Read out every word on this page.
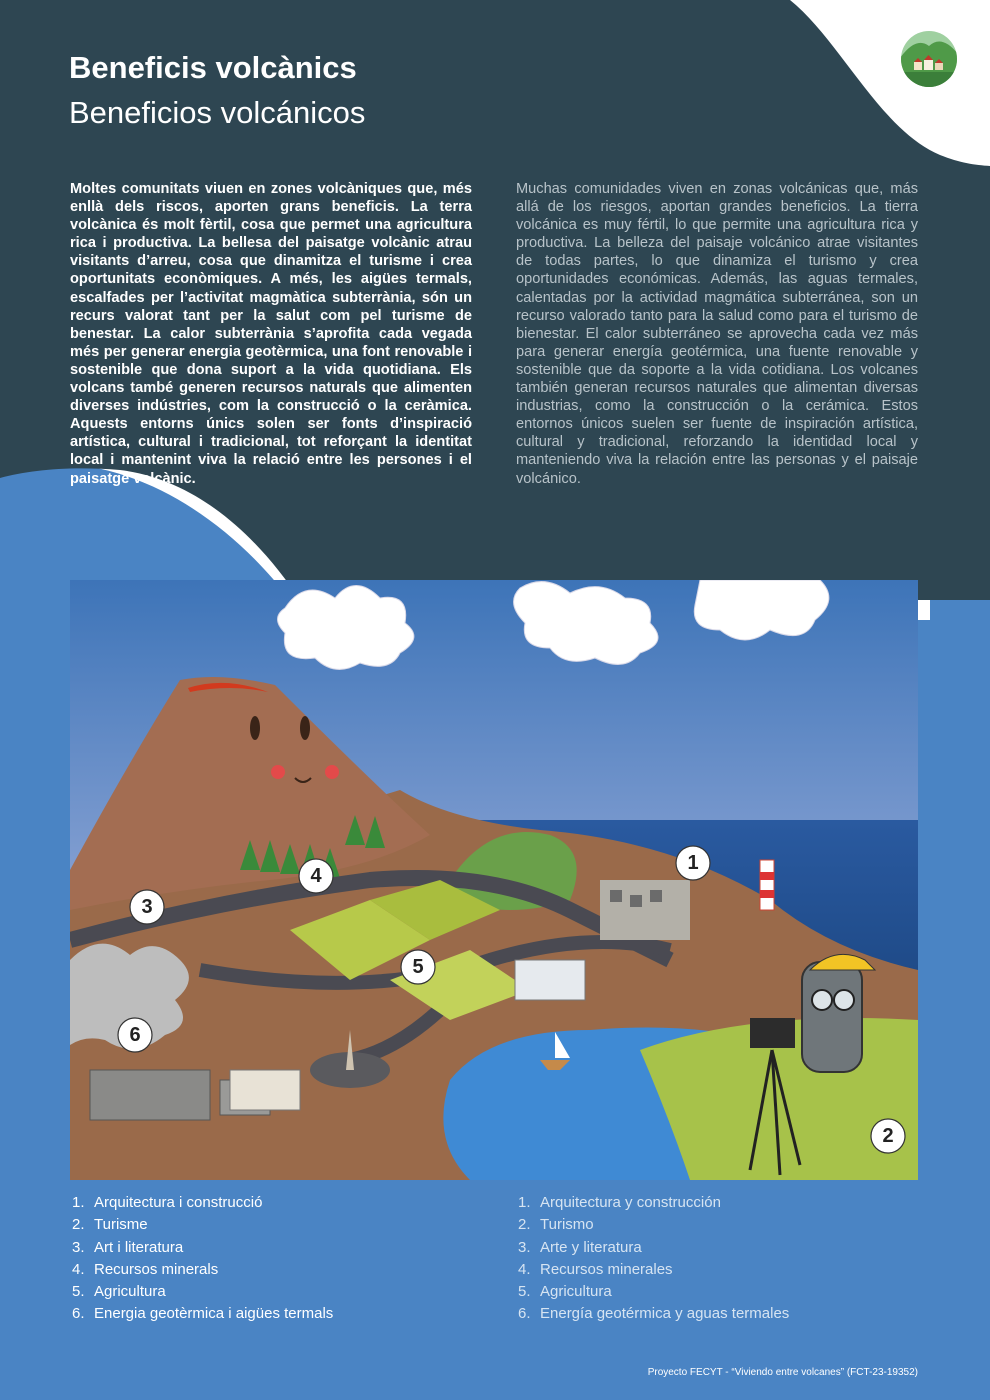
Beneficis volcànics
Beneficios volcánicos
Moltes comunitats viuen en zones volcàniques que, més enllà dels riscos, aporten grans beneficis. La terra volcànica és molt fèrtil, cosa que permet una agricultura rica i productiva. La bellesa del paisatge volcànic atrau visitants d’arreu, cosa que dinamitza el turisme i crea oportunitats econòmiques. A més, les aigües termals, escalfades per l’activitat magmàtica subterrània, són un recurs valorat tant per la salut com pel turisme de benestar. La calor subterrània s’aprofita cada vegada més per generar energia geotèrmica, una font renovable i sostenible que dona suport a la vida quotidiana. Els volcans també generen recursos naturals que alimenten diverses indústries, com la construcció o la ceràmica. Aquests entorns únics solen ser fonts d’inspiració artística, cultural i tradicional, tot reforçant la identitat local i mantenint viva la relació entre les persones i el paisatge volcànic.
Muchas comunidades viven en zonas volcánicas que, más allá de los riesgos, aportan grandes beneficios. La tierra volcánica es muy fértil, lo que permite una agricultura rica y productiva. La belleza del paisaje volcánico atrae visitantes de todas partes, lo que dinamiza el turismo y crea oportunidades económicas. Además, las aguas termales, calentadas por la actividad magmática subterránea, son un recurso valorado tanto para la salud como para el turismo de bienestar. El calor subterráneo se aprovecha cada vez más para generar energía geotérmica, una fuente renovable y sostenible que da soporte a la vida cotidiana. Los volcanes también generan recursos naturales que alimentan diversas industrias, como la construcción o la cerámica. Estos entornos únicos suelen ser fuente de inspiración artística, cultural y tradicional, reforzando la identidad local y manteniendo viva la relación entre las personas y el paisaje volcánico.
1
2
3
4
5
6
1. Arquitectura i construcció
2. Turisme
3. Art i literatura
4. Recursos minerals
5. Agricultura
6. Energia geotèrmica i aigües termals
1. Arquitectura y construcción
2. Turismo
3. Arte y literatura
4. Recursos minerales
5. Agricultura
6. Energía geotérmica y aguas termales
Proyecto FECYT - “Viviendo entre volcanes” (FCT-23-19352)
